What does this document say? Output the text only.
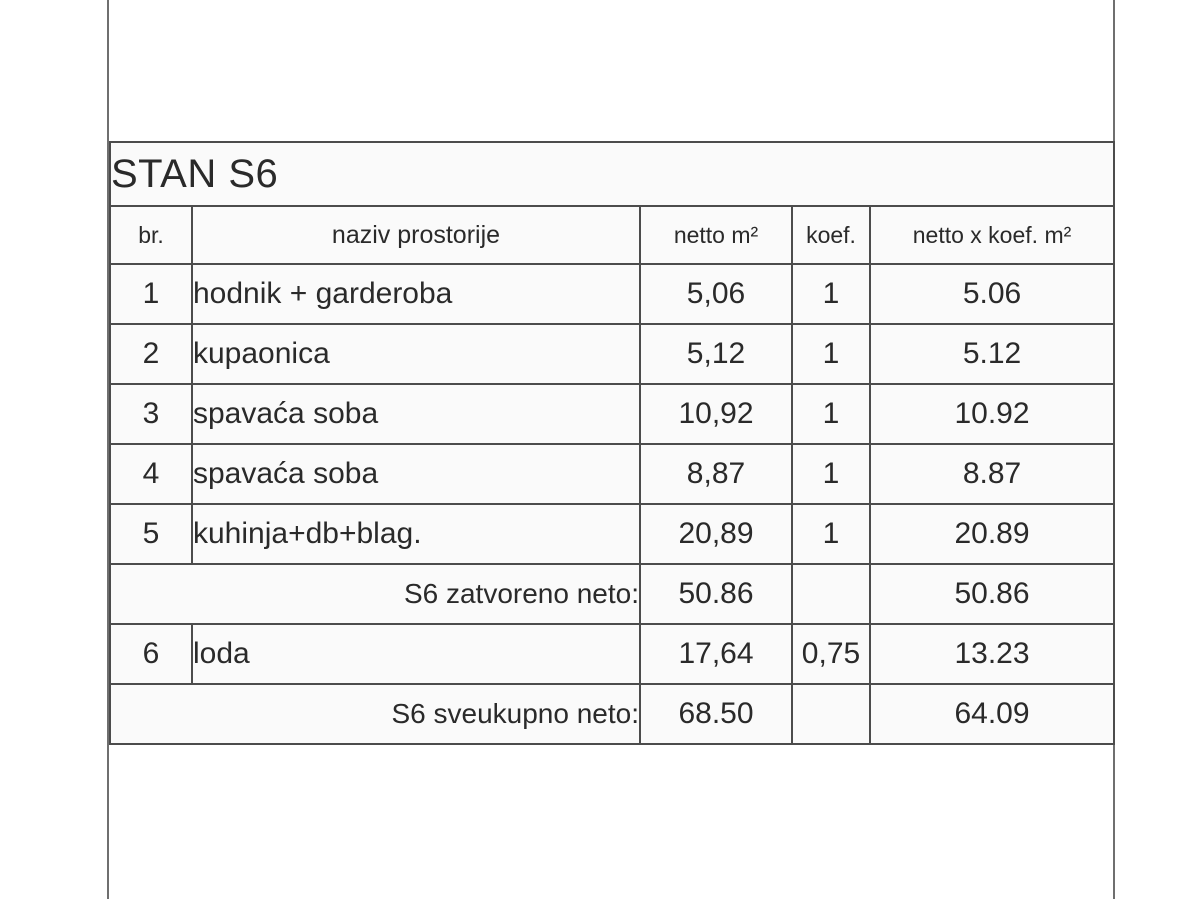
STAN S6				
br.	naziv prostorije	netto m²	koef.	netto x koef. m²
1	hodnik + garderoba	5,06	1	5.06
2	kupaonica	5,12	1	5.12
3	spavaća soba	10,92	1	10.92
4	spavaća soba	8,87	1	8.87
5	kuhinja+db+blag.	20,89	1	20.89
S6 zatvoreno neto:		50.86		50.86
6	loda	17,64	0,75	13.23
S6 sveukupno neto:		68.50		64.09
